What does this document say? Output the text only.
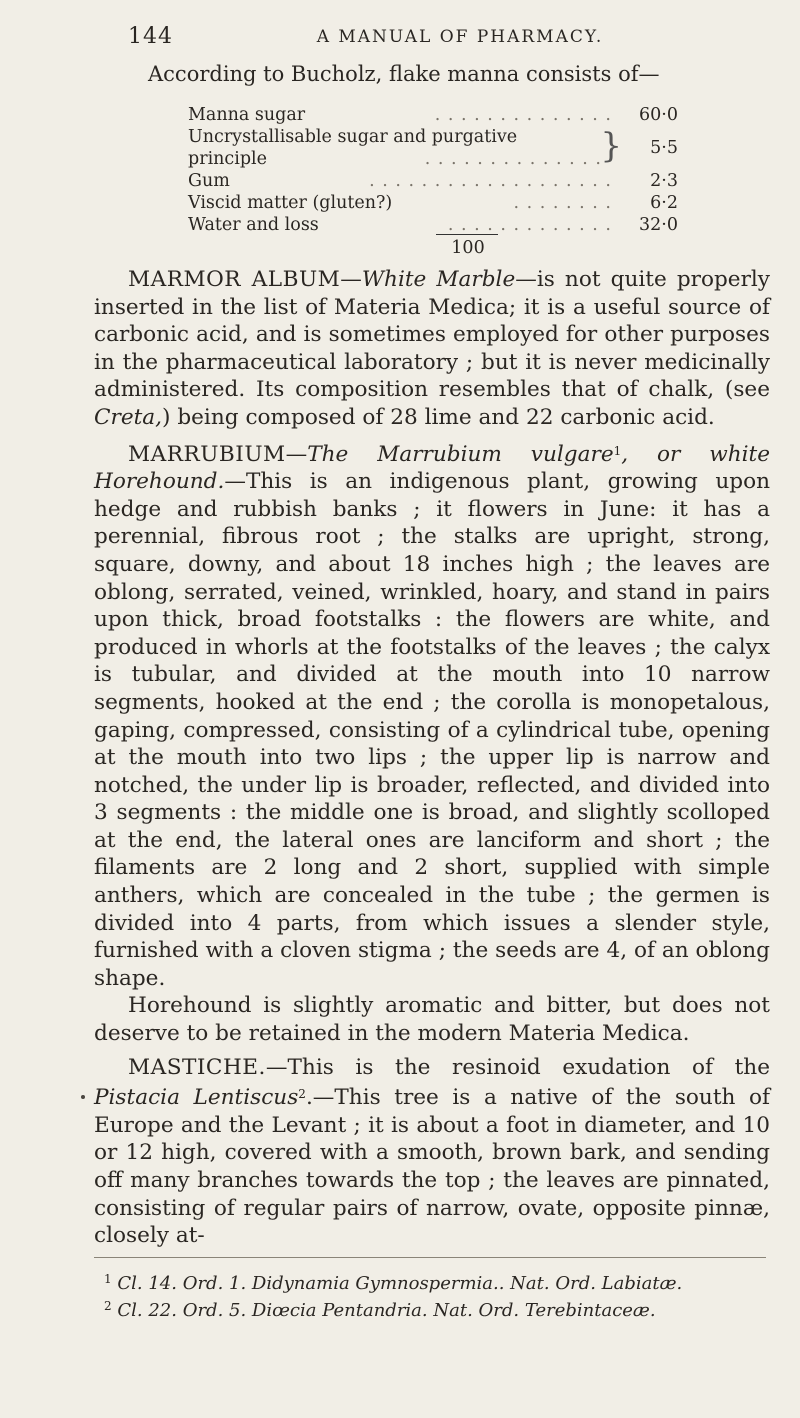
144	A MANUAL OF PHARMACY.
According to Bucholz, flake manna consists of—
Manna sugar	. . . . . . . . . . . . . .	60·0
Uncrystallisable sugar and purgative }	5·5
principle	. . . . . . . . . . . . . .
Gum	. . . . . . . . . . . . . . . . . . .	2·3
Viscid matter (gluten?)	. . . . . . . .	6·2
Water and loss	. . . . . . . . . . . . .	32·0
100

MARMOR ALBUM—White Marble—is not quite properly inserted in the list of Materia Medica; it is a useful source of carbonic acid, and is sometimes employed for other purposes in the pharmaceutical laboratory ; but it is never medicinally administered. Its composition resembles that of chalk, (see Creta,) being composed of 28 lime and 22 carbonic acid.

MARRUBIUM—The Marrubium vulgare$^1$, or white Horehound.—This is an indigenous plant, growing upon hedge and rubbish banks ; it flowers in June: it has a perennial, fibrous root ; the stalks are upright, strong, square, downy, and about 18 inches high ; the leaves are oblong, serrated, veined, wrinkled, hoary, and stand in pairs upon thick, broad footstalks : the flowers are white, and produced in whorls at the footstalks of the leaves ; the calyx is tubular, and divided at the mouth into 10 narrow segments, hooked at the end ; the corolla is monopetalous, gaping, compressed, consisting of a cylindrical tube, opening at the mouth into two lips ; the upper lip is narrow and notched, the under lip is broader, reflected, and divided into 3 segments : the middle one is broad, and slightly scolloped at the end, the lateral ones are lanciform and short ; the filaments are 2 long and 2 short, supplied with simple anthers, which are concealed in the tube ; the germen is divided into 4 parts, from which issues a slender style, furnished with a cloven stigma ; the seeds are 4, of an oblong shape.

Horehound is slightly aromatic and bitter, but does not deserve to be retained in the modern Materia Medica.

MASTICHE.—This is the resinoid exudation of the Pistacia Lentiscus$^2$.—This tree is a native of the south of Europe and the Levant ; it is about a foot in diameter, and 10 or 12 high, covered with a smooth, brown bark, and sending off many branches towards the top ; the leaves are pinnated, consisting of regular pairs of narrow, ovate, opposite pinnæ, closely at-

$^1$ Cl. 14. Ord. 1. Didynamia Gymnospermia.. Nat. Ord. Labiatæ.
$^2$ Cl. 22. Ord. 5. Diœcia Pentandria. Nat. Ord. Terebintaceæ.
